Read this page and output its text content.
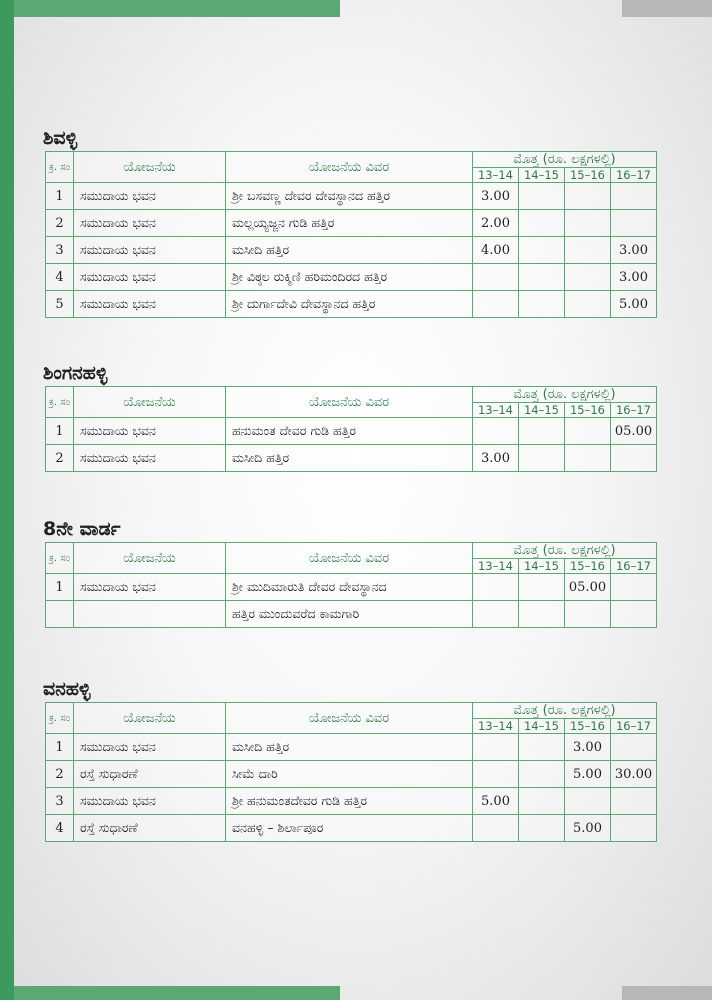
ಶಿವಳ್ಳಿ
ಕ್ರ. ಸಂ	ಯೋಜನೆಯ	ಯೋಜನೆಯ ವಿವರ	ಮೊತ್ತ (ರೂ. ಲಕ್ಷಗಳಲ್ಲಿ)			
			13–14	14–15	15–16	16–17
1	ಸಮುದಾಯ ಭವನ	ಶ್ರೀ ಬಸವಣ್ಣ ದೇವರ ದೇವಸ್ಥಾನದ ಹತ್ತಿರ	3.00			
2	ಸಮುದಾಯ ಭವನ	ಮಲ್ಲಯ್ಯಜ್ಜನ ಗುಡಿ ಹತ್ತಿರ	2.00			
3	ಸಮುದಾಯ ಭವನ	ಮಸೀದಿ ಹತ್ತಿರ	4.00			3.00
4	ಸಮುದಾಯ ಭವನ	ಶ್ರೀ ವಿಠ್ಠಲ ರುಕ್ಮಿಣಿ ಹರಿಮಂದಿರದ ಹತ್ತಿರ				3.00
5	ಸಮುದಾಯ ಭವನ	ಶ್ರೀ ದುರ್ಗಾದೇವಿ ದೇವಸ್ಥಾನದ ಹತ್ತಿರ				5.00
ಶಿಂಗನಹಳ್ಳಿ
ಕ್ರ. ಸಂ	ಯೋಜನೆಯ	ಯೋಜನೆಯ ವಿವರ	ಮೊತ್ತ (ರೂ. ಲಕ್ಷಗಳಲ್ಲಿ)			
			13–14	14–15	15–16	16–17
1	ಸಮುದಾಯ ಭವನ	ಹನುಮಂತ ದೇವರ ಗುಡಿ ಹತ್ತಿರ				05.00
2	ಸಮುದಾಯ ಭವನ	ಮಸೀದಿ ಹತ್ತಿರ	3.00			
8ನೇ ವಾರ್ಡ
ಕ್ರ. ಸಂ	ಯೋಜನೆಯ	ಯೋಜನೆಯ ವಿವರ	ಮೊತ್ತ (ರೂ. ಲಕ್ಷಗಳಲ್ಲಿ)			
			13–14	14–15	15–16	16–17
1	ಸಮುದಾಯ ಭವನ	ಶ್ರೀ ಮುದಿಮಾರುತಿ ದೇವರ ದೇವಸ್ಥಾನದ			05.00	
		ಹತ್ತಿರ ಮುಂದುವರೆದ ಕಾಮಗಾರಿ				
ವನಹಳ್ಳಿ
ಕ್ರ. ಸಂ	ಯೋಜನೆಯ	ಯೋಜನೆಯ ವಿವರ	ಮೊತ್ತ (ರೂ. ಲಕ್ಷಗಳಲ್ಲಿ)			
			13–14	14–15	15–16	16–17
1	ಸಮುದಾಯ ಭವನ	ಮಸೀದಿ ಹತ್ತಿರ			3.00	
2	ರಸ್ತೆ ಸುಧಾರಣೆ	ಸೀಮೆ ದಾರಿ			5.00	30.00
3	ಸಮುದಾಯ ಭವನ	ಶ್ರೀ ಹನುಮಂತದೇವರ ಗುಡಿ ಹತ್ತಿರ	5.00			
4	ರಸ್ತೆ ಸುಧಾರಣೆ	ವನಹಳ್ಳಿ – ಶಿರ್ಲಾಪೂರ			5.00	
